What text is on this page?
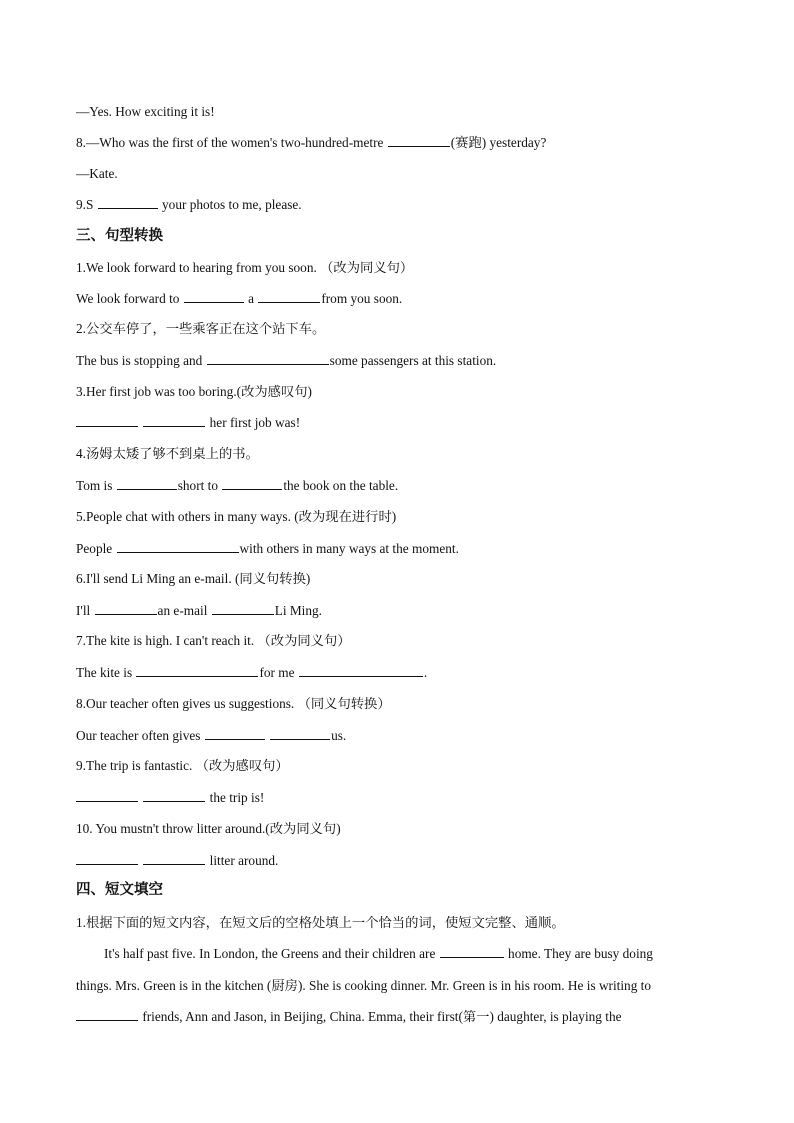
—Yes. How exciting it is!
8.—Who was the first of the women's two-hundred-metre	(赛跑) yesterday?
—Kate.
9.S	your photos to me, please.
三、句型转换
1.We look forward to hearing from you soon. （改为同义句）
We look forward to	a	from you soon.
2.公交车停了，一些乘客正在这个站下车。
The bus is stopping and	some passengers at this station.
3.Her first job was too boring.(改为感叹句)
her first job was!
4.汤姆太矮了够不到桌上的书。
Tom is	short to	the book on the table.
5.People chat with others in many ways. (改为现在进行时)
People	with others in many ways at the moment.
6.I'll send Li Ming an e-mail. (同义句转换)
I'll	an e-mail	Li Ming.
7.The kite is high. I can't reach it. （改为同义句）
The kite is	for me	.
8.Our teacher often gives us suggestions. （同义句转换）
Our teacher often gives	us.
9.The trip is fantastic. （改为感叹句）
the trip is!
10. You mustn't throw litter around.(改为同义句)
litter around.
四、短文填空
1.根据下面的短文内容，在短文后的空格处填上一个恰当的词，使短文完整、通顺。
It's half past five. In London, the Greens and their children are	home. They are busy doing
things. Mrs. Green is in the kitchen (厨房). She is cooking dinner. Mr. Green is in his room. He is writing to
friends, Ann and Jason, in Beijing, China. Emma, their first(第一) daughter, is playing the
